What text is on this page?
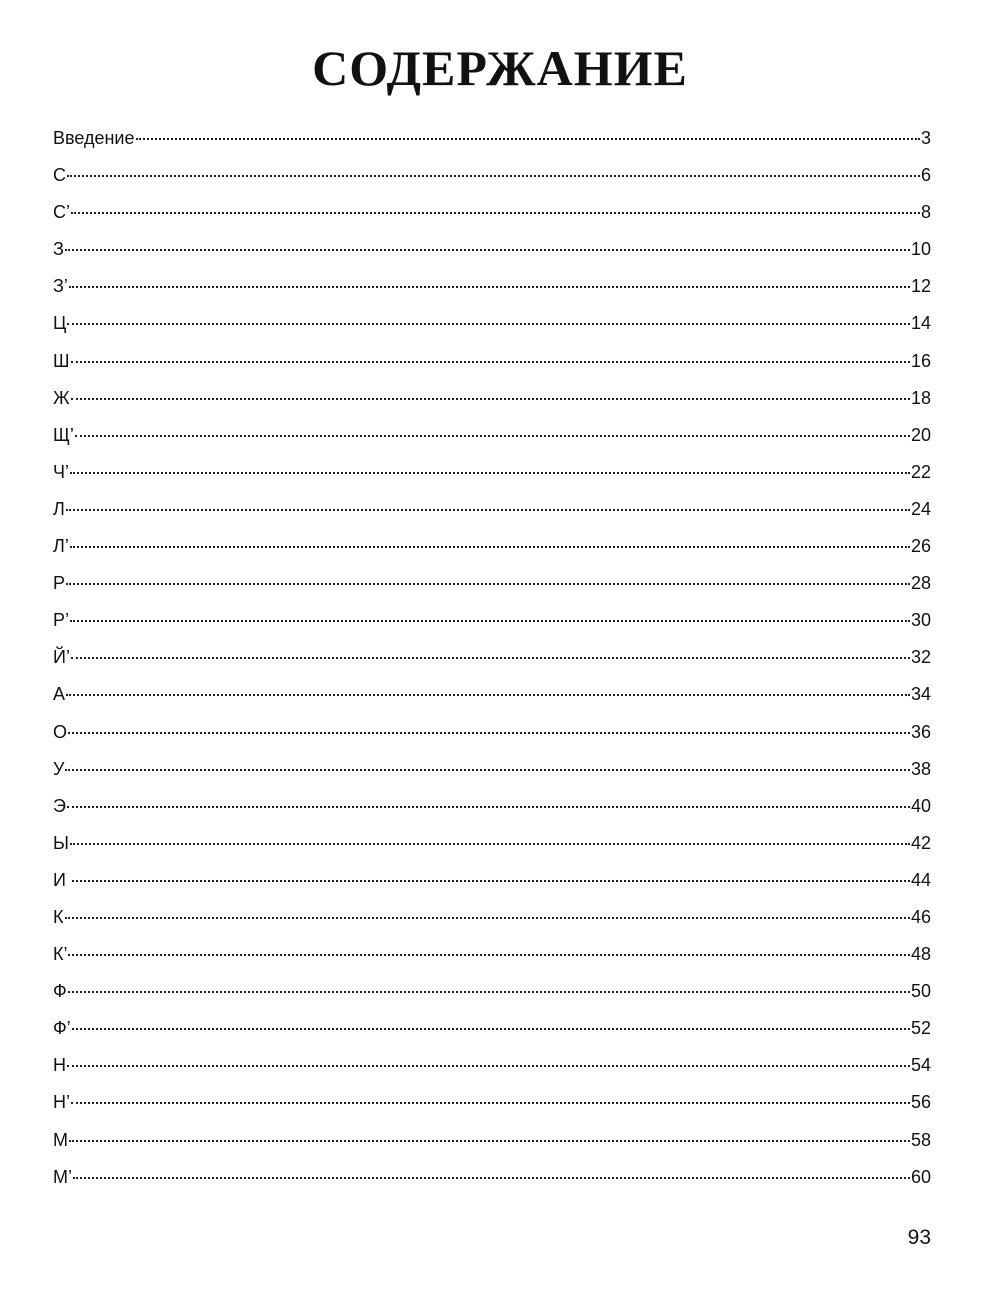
СОДЕРЖАНИЕ
Введение	3
С	6
С’	8
З	10
З’	12
Ц	14
Ш	16
Ж	18
Щ’	20
Ч’	22
Л	24
Л’	26
Р	28
Р’	30
Й’	32
А	34
О	36
У	38
Э	40
Ы	42
И	44
К	46
К’	48
Ф	50
Ф’	52
Н	54
Н’	56
М	58
М’	60
93
